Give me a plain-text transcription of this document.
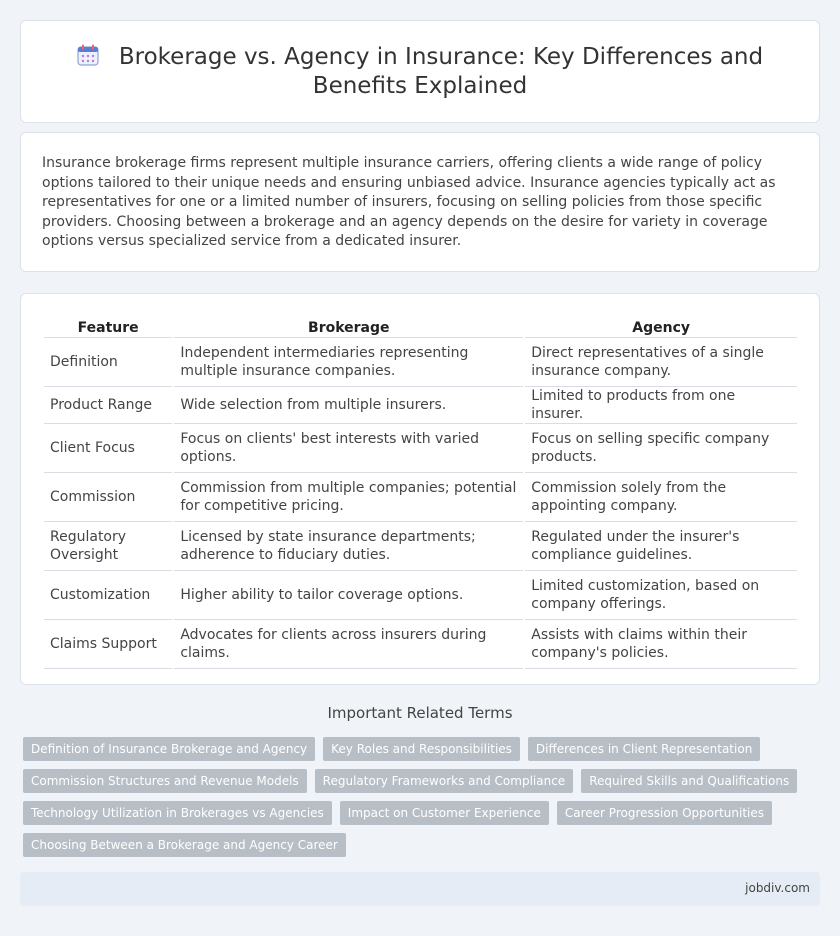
Brokerage vs. Agency in Insurance: Key Differences and Benefits Explained

Insurance brokerage firms represent multiple insurance carriers, offering clients a wide range of policy options tailored to their unique needs and ensuring unbiased advice. Insurance agencies typically act as representatives for one or a limited number of insurers, focusing on selling policies from those specific providers. Choosing between a brokerage and an agency depends on the desire for variety in coverage options versus specialized service from a dedicated insurer.

Feature	Brokerage	Agency
Definition	Independent intermediaries representing multiple insurance companies.	Direct representatives of a single insurance company.
Product Range	Wide selection from multiple insurers.	Limited to products from one insurer.
Client Focus	Focus on clients' best interests with varied options.	Focus on selling specific company products.
Commission	Commission from multiple companies; potential for competitive pricing.	Commission solely from the appointing company.
Regulatory Oversight	Licensed by state insurance departments; adherence to fiduciary duties.	Regulated under the insurer's compliance guidelines.
Customization	Higher ability to tailor coverage options.	Limited customization, based on company offerings.
Claims Support	Advocates for clients across insurers during claims.	Assists with claims within their company's policies.
Important Related Terms
Definition of Insurance Brokerage and Agency	Key Roles and Responsibilities	Differences in Client Representation
Commission Structures and Revenue Models	Regulatory Frameworks and Compliance	Required Skills and Qualifications
Technology Utilization in Brokerages vs Agencies	Impact on Customer Experience	Career Progression Opportunities
Choosing Between a Brokerage and Agency Career
jobdiv.com
